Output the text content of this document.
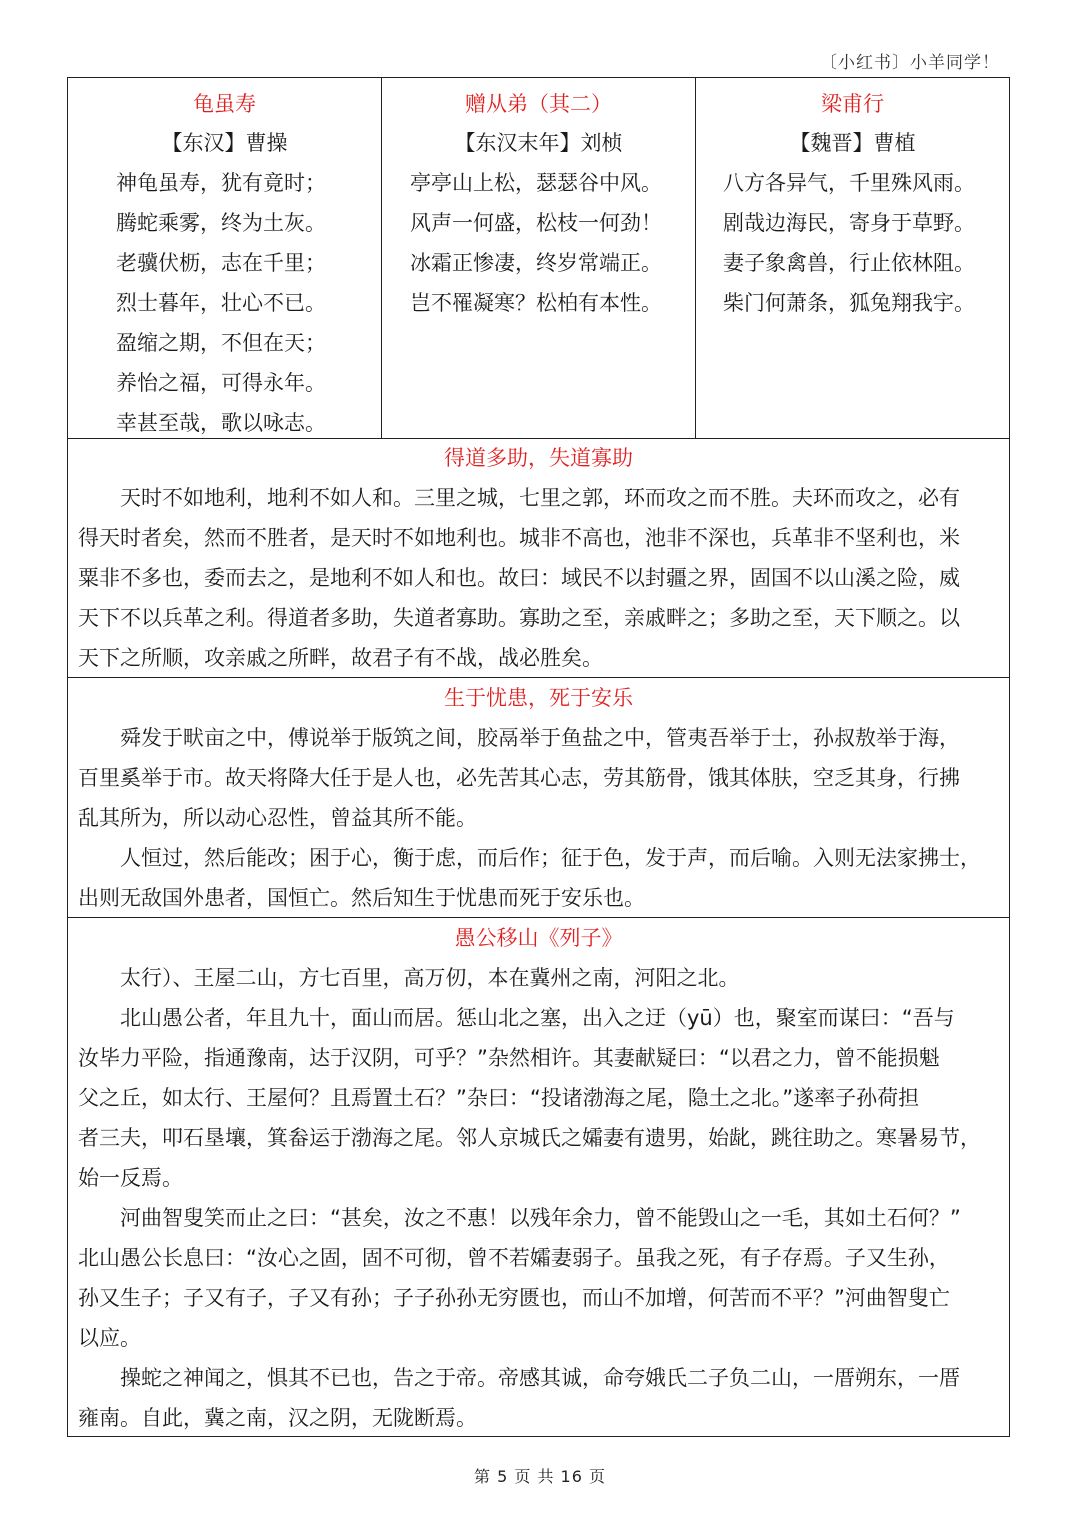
〔小红书〕小羊同学！
龟虽寿
【东汉】曹操
神龟虽寿，犹有竟时；
腾蛇乘雾，终为土灰。
老骥伏枥，志在千里；
烈士暮年，壮心不已。
盈缩之期，不但在天；
养怡之福，可得永年。
幸甚至哉，歌以咏志。
赠从弟（其二）
【东汉末年】刘桢
亭亭山上松，瑟瑟谷中风。
风声一何盛，松枝一何劲！
冰霜正惨凄，终岁常端正。
岂不罹凝寒？松柏有本性。
梁甫行
【魏晋】曹植
八方各异气，千里殊风雨。
剧哉边海民，寄身于草野。
妻子象禽兽，行止依林阻。
柴门何萧条，狐兔翔我宇。
得道多助，失道寡助
天时不如地利，地利不如人和。三里之城，七里之郭，环而攻之而不胜。夫环而攻之，必有
得天时者矣，然而不胜者，是天时不如地利也。城非不高也，池非不深也，兵革非不坚利也，米
粟非不多也，委而去之，是地利不如人和也。故曰：域民不以封疆之界，固国不以山溪之险，威
天下不以兵革之利。得道者多助，失道者寡助。寡助之至，亲戚畔之；多助之至，天下顺之。以
天下之所顺，攻亲戚之所畔，故君子有不战，战必胜矣。
生于忧患，死于安乐
舜发于畎亩之中，傅说举于版筑之间，胶鬲举于鱼盐之中，管夷吾举于士，孙叔敖举于海，
百里奚举于市。故天将降大任于是人也，必先苦其心志，劳其筋骨，饿其体肤，空乏其身，行拂
乱其所为，所以动心忍性，曾益其所不能。
人恒过，然后能改；困于心，衡于虑，而后作；征于色，发于声，而后喻。入则无法家拂士，
出则无敌国外患者，国恒亡。然后知生于忧患而死于安乐也。
愚公移山《列子》
太行）、王屋二山，方七百里，高万仞，本在冀州之南，河阳之北。
北山愚公者，年且九十，面山而居。惩山北之塞，出入之迂（yū）也，聚室而谋曰：“吾与
汝毕力平险，指通豫南，达于汉阴，可乎？”杂然相许。其妻献疑曰：“以君之力，曾不能损魁
父之丘，如太行、王屋何？且焉置土石？”杂曰：“投诸渤海之尾，隐土之北。”遂率子孙荷担
者三夫，叩石垦壤，箕畚运于渤海之尾。邻人京城氏之孀妻有遗男，始龀，跳往助之。寒暑易节，
始一反焉。
河曲智叟笑而止之曰：“甚矣，汝之不惠！以残年余力，曾不能毁山之一毛，其如土石何？”
北山愚公长息曰：“汝心之固，固不可彻，曾不若孀妻弱子。虽我之死，有子存焉。子又生孙，
孙又生子；子又有子，子又有孙；子子孙孙无穷匮也，而山不加增，何苦而不平？”河曲智叟亡
以应。
操蛇之神闻之，惧其不已也，告之于帝。帝感其诚，命夸娥氏二子负二山，一厝朔东，一厝
雍南。自此，冀之南，汉之阴，无陇断焉。
第 5 页 共 16 页
